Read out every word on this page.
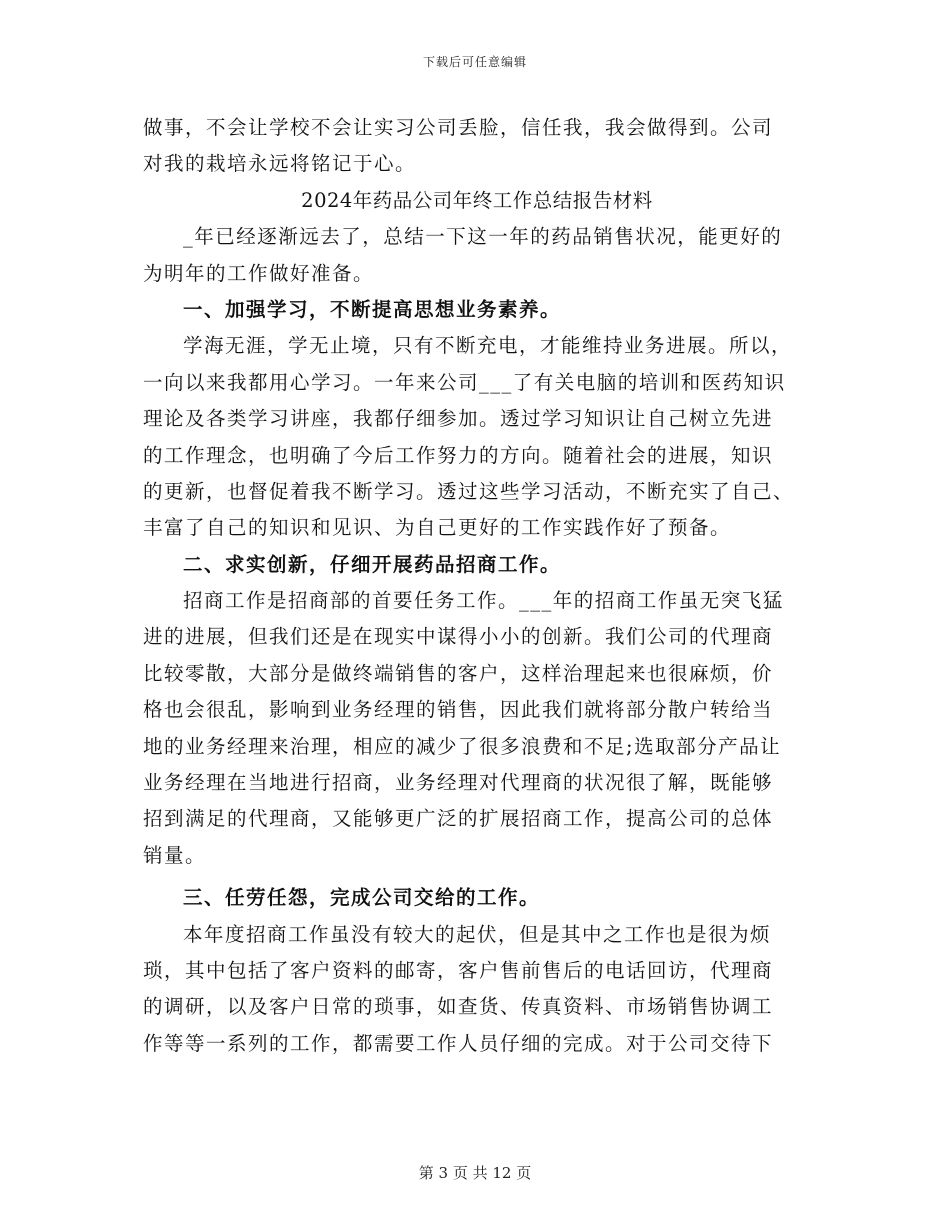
下载后可任意编辑
做事，不会让学校不会让实习公司丢脸，信任我，我会做得到。公司
对我的栽培永远将铭记于心。
2024年药品公司年终工作总结报告材料
_年已经逐渐远去了，总结一下这一年的药品销售状况，能更好的
为明年的工作做好准备。
一、加强学习，不断提高思想业务素养。
学海无涯，学无止境，只有不断充电，才能维持业务进展。所以，
一向以来我都用心学习。一年来公司___了有关电脑的培训和医药知识
理论及各类学习讲座，我都仔细参加。透过学习知识让自己树立先进
的工作理念，也明确了今后工作努力的方向。随着社会的进展，知识
的更新，也督促着我不断学习。透过这些学习活动，不断充实了自己、
丰富了自己的知识和见识、为自己更好的工作实践作好了预备。
二、求实创新，仔细开展药品招商工作。
招商工作是招商部的首要任务工作。___年的招商工作虽无突飞猛
进的进展，但我们还是在现实中谋得小小的创新。我们公司的代理商
比较零散，大部分是做终端销售的客户，这样治理起来也很麻烦，价
格也会很乱，影响到业务经理的销售，因此我们就将部分散户转给当
地的业务经理来治理，相应的减少了很多浪费和不足;选取部分产品让
业务经理在当地进行招商，业务经理对代理商的状况很了解，既能够
招到满足的代理商，又能够更广泛的扩展招商工作，提高公司的总体
销量。
三、任劳任怨，完成公司交给的工作。
本年度招商工作虽没有较大的起伏，但是其中之工作也是很为烦
琐，其中包括了客户资料的邮寄，客户售前售后的电话回访，代理商
的调研，以及客户日常的琐事，如查货、传真资料、市场销售协调工
作等等一系列的工作，都需要工作人员仔细的完成。对于公司交待下
第 3 页 共 12 页
